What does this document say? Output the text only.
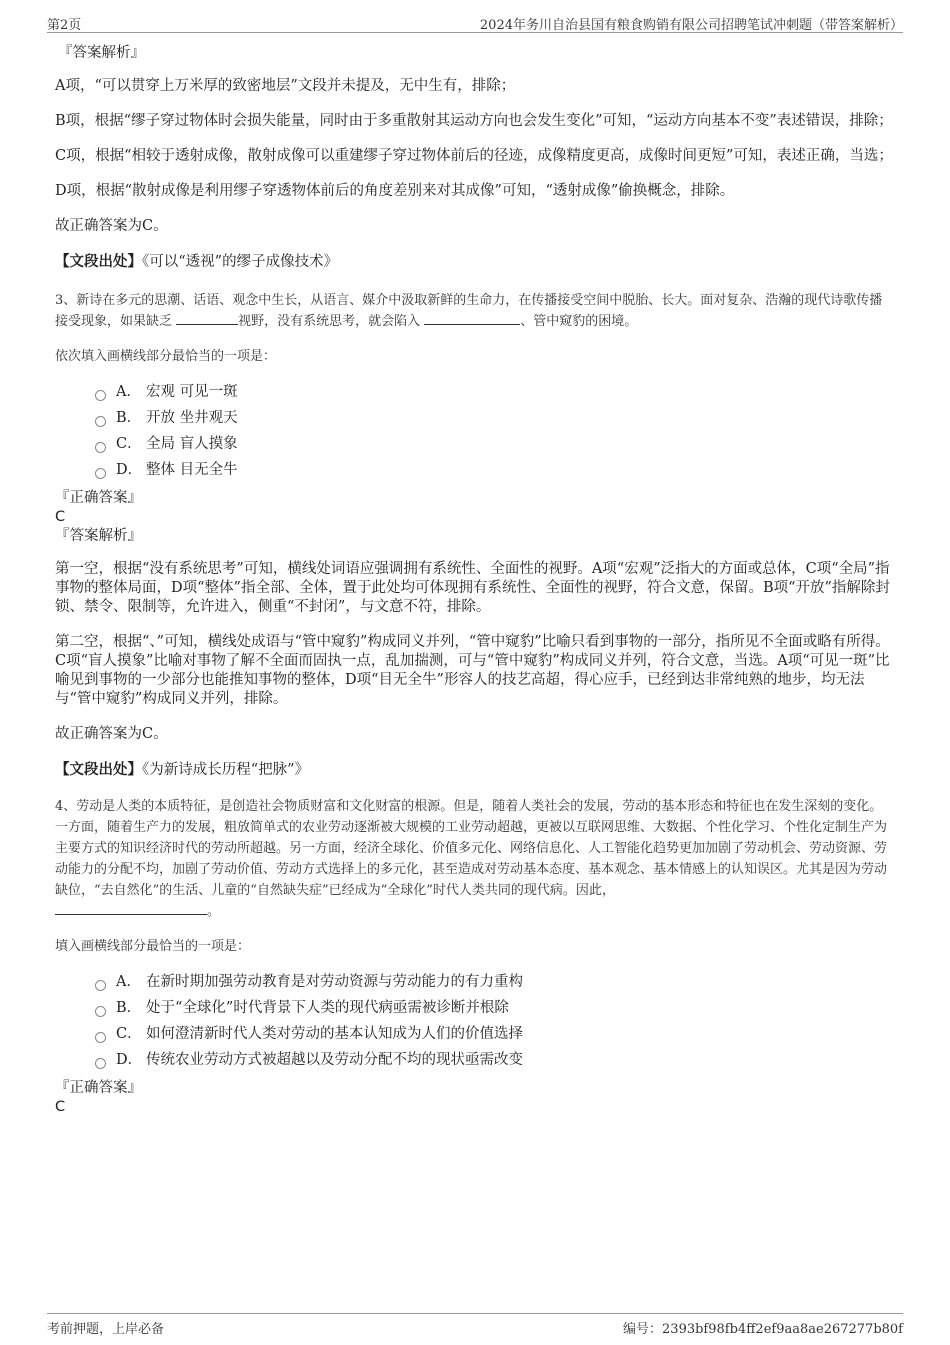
第2页	2024年务川自治县国有粮食购销有限公司招聘笔试冲刺题（带答案解析）

『答案解析』

A项，“可以贯穿上万米厚的致密地层”文段并未提及，无中生有，排除；

B项，根据“缪子穿过物体时会损失能量，同时由于多重散射其运动方向也会发生变化”可知，“运动方向基本不变”表述错误，排除；

C项，根据“相较于透射成像，散射成像可以重建缪子穿过物体前后的径迹，成像精度更高，成像时间更短”可知，表述正确，当选；

D项，根据“散射成像是利用缪子穿透物体前后的角度差别来对其成像”可知，“透射成像”偷换概念，排除。

故正确答案为C。

【文段出处】《可以“透视”的缪子成像技术》

3、新诗在多元的思潮、话语、观念中生长，从语言、媒介中汲取新鲜的生命力，在传播接受空间中脱胎、长大。面对复杂、浩瀚的现代诗歌传播接受现象，如果缺乏	视野，没有系统思考，就会陷入	、管中窥豹的困境。

依次填入画横线部分最恰当的一项是：

A． 宏观 可见一斑
B． 开放 坐井观天
C． 全局 盲人摸象
D． 整体 目无全牛

『正确答案』

C

『答案解析』

第一空，根据“没有系统思考”可知，横线处词语应强调拥有系统性、全面性的视野。A项“宏观”泛指大的方面或总体，C项“全局”指事物的整体局面，D项“整体”指全部、全体，置于此处均可体现拥有系统性、全面性的视野，符合文意，保留。B项“开放”指解除封锁、禁令、限制等，允许进入，侧重“不封闭”，与文意不符，排除。

第二空，根据“、”可知，横线处成语与“管中窥豹”构成同义并列，“管中窥豹”比喻只看到事物的一部分，指所见不全面或略有所得。C项“盲人摸象”比喻对事物了解不全面而固执一点，乱加揣测，可与“管中窥豹”构成同义并列，符合文意，当选。A项“可见一斑”比喻见到事物的一少部分也能推知事物的整体，D项“目无全牛”形容人的技艺高超，得心应手，已经到达非常纯熟的地步，均无法与“管中窥豹”构成同义并列，排除。

故正确答案为C。

【文段出处】《为新诗成长历程“把脉”》

4、劳动是人类的本质特征，是创造社会物质财富和文化财富的根源。但是，随着人类社会的发展，劳动的基本形态和特征也在发生深刻的变化。一方面，随着生产力的发展，粗放简单式的农业劳动逐渐被大规模的工业劳动超越，更被以互联网思维、大数据、个性化学习、个性化定制生产为主要方式的知识经济时代的劳动所超越。另一方面，经济全球化、价值多元化、网络信息化、人工智能化趋势更加加剧了劳动机会、劳动资源、劳动能力的分配不均，加剧了劳动价值、劳动方式选择上的多元化，甚至造成对劳动基本态度、基本观念、基本情感上的认知误区。尤其是因为劳动缺位，“去自然化”的生活、儿童的“自然缺失症”已经成为“全球化”时代人类共同的现代病。因此，
。

填入画横线部分最恰当的一项是：

A． 在新时期加强劳动教育是对劳动资源与劳动能力的有力重构
B． 处于“全球化”时代背景下人类的现代病亟需被诊断并根除
C． 如何澄清新时代人类对劳动的基本认知成为人们的价值选择
D． 传统农业劳动方式被超越以及劳动分配不均的现状亟需改变

『正确答案』

C

考前押题，上岸必备	编号：2393bf98fb4ff2ef9aa8ae267277b80f
